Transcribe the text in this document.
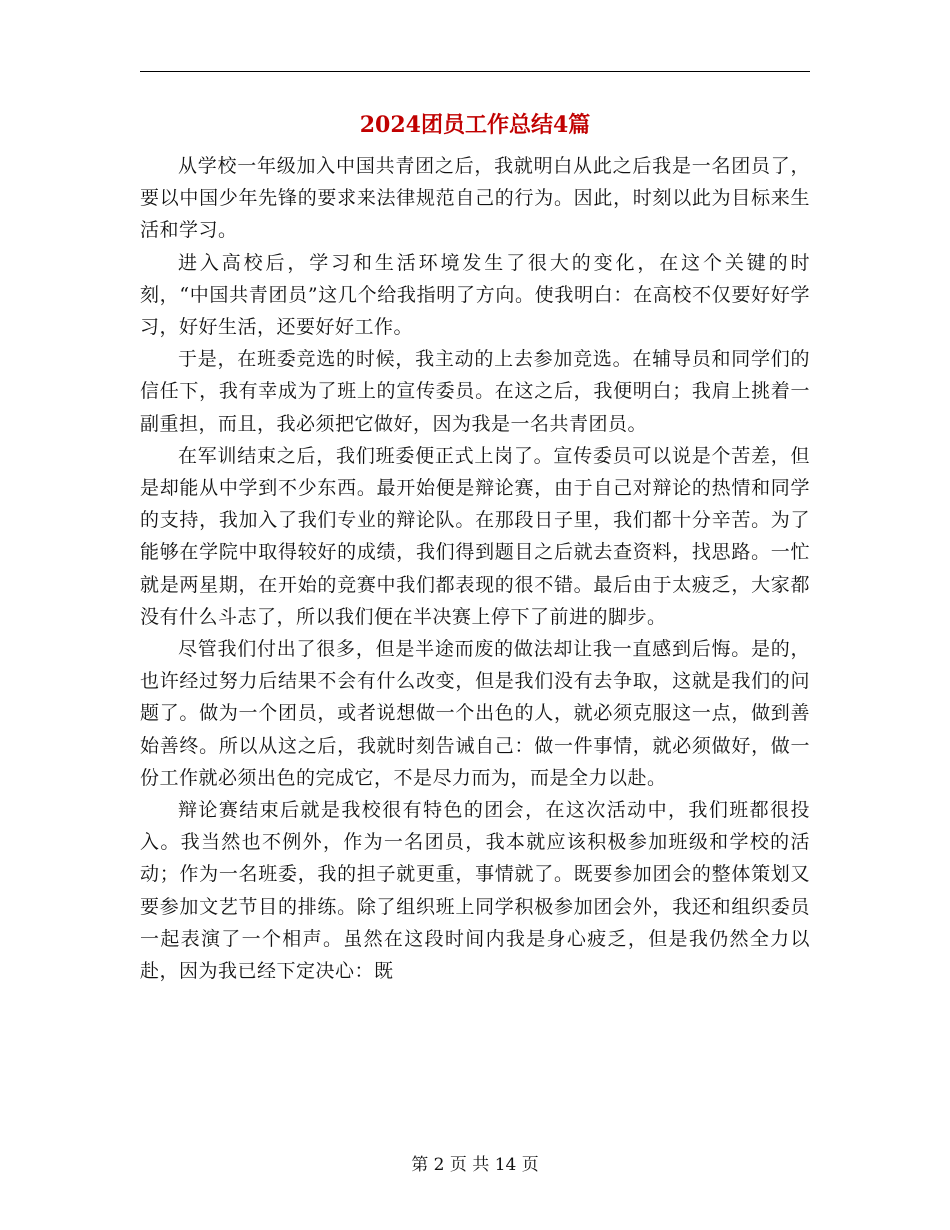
2024团员工作总结4篇

从学校一年级加入中国共青团之后，我就明白从此之后我是一名团员了，要以中国少年先锋的要求来法律规范自己的行为。因此，时刻以此为目标来生活和学习。

进入高校后，学习和生活环境发生了很大的变化，在这个关键的时刻，“中国共青团员”这几个给我指明了方向。使我明白：在高校不仅要好好学习，好好生活，还要好好工作。

于是，在班委竞选的时候，我主动的上去参加竞选。在辅导员和同学们的信任下，我有幸成为了班上的宣传委员。在这之后，我便明白；我肩上挑着一副重担，而且，我必须把它做好，因为我是一名共青团员。

在军训结束之后，我们班委便正式上岗了。宣传委员可以说是个苦差，但是却能从中学到不少东西。最开始便是辩论赛，由于自己对辩论的热情和同学的支持，我加入了我们专业的辩论队。在那段日子里，我们都十分辛苦。为了能够在学院中取得较好的成绩，我们得到题目之后就去查资料，找思路。一忙就是两星期，在开始的竞赛中我们都表现的很不错。最后由于太疲乏，大家都没有什么斗志了，所以我们便在半决赛上停下了前进的脚步。

尽管我们付出了很多，但是半途而废的做法却让我一直感到后悔。是的，也许经过努力后结果不会有什么改变，但是我们没有去争取，这就是我们的问题了。做为一个团员，或者说想做一个出色的人，就必须克服这一点，做到善始善终。所以从这之后，我就时刻告诫自己：做一件事情，就必须做好，做一份工作就必须出色的完成它，不是尽力而为，而是全力以赴。

辩论赛结束后就是我校很有特色的团会，在这次活动中，我们班都很投入。我当然也不例外，作为一名团员，我本就应该积极参加班级和学校的活动；作为一名班委，我的担子就更重，事情就了。既要参加团会的整体策划又要参加文艺节目的排练。除了组织班上同学积极参加团会外，我还和组织委员一起表演了一个相声。虽然在这段时间内我是身心疲乏，但是我仍然全力以赴，因为我已经下定决心：既

第 2 页 共 14 页
